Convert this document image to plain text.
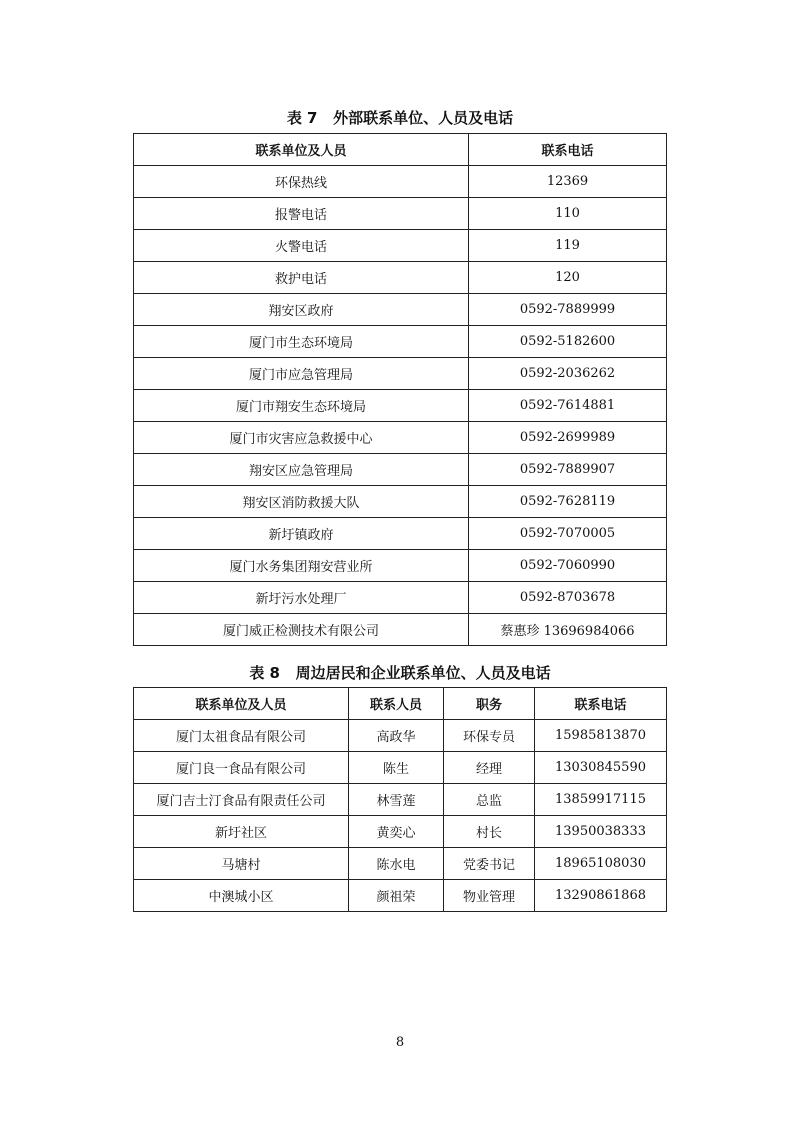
表 7   外部联系单位、人员及电话
联系单位及人员	联系电话
环保热线	12369
报警电话	110
火警电话	119
救护电话	120
翔安区政府	0592-7889999
厦门市生态环境局	0592-5182600
厦门市应急管理局	0592-2036262
厦门市翔安生态环境局	0592-7614881
厦门市灾害应急救援中心	0592-2699989
翔安区应急管理局	0592-7889907
翔安区消防救援大队	0592-7628119
新圩镇政府	0592-7070005
厦门水务集团翔安营业所	0592-7060990
新圩污水处理厂	0592-8703678
厦门威正检测技术有限公司	蔡惠珍 13696984066
表 8   周边居民和企业联系单位、人员及电话
联系单位及人员	联系人员	职务	联系电话
厦门太祖食品有限公司	高政华	环保专员	15985813870
厦门良一食品有限公司	陈生	经理	13030845590
厦门吉士汀食品有限责任公司	林雪莲	总监	13859917115
新圩社区	黄奕心	村长	13950038333
马塘村	陈水电	党委书记	18965108030
中澳城小区	颜祖荣	物业管理	13290861868
8
